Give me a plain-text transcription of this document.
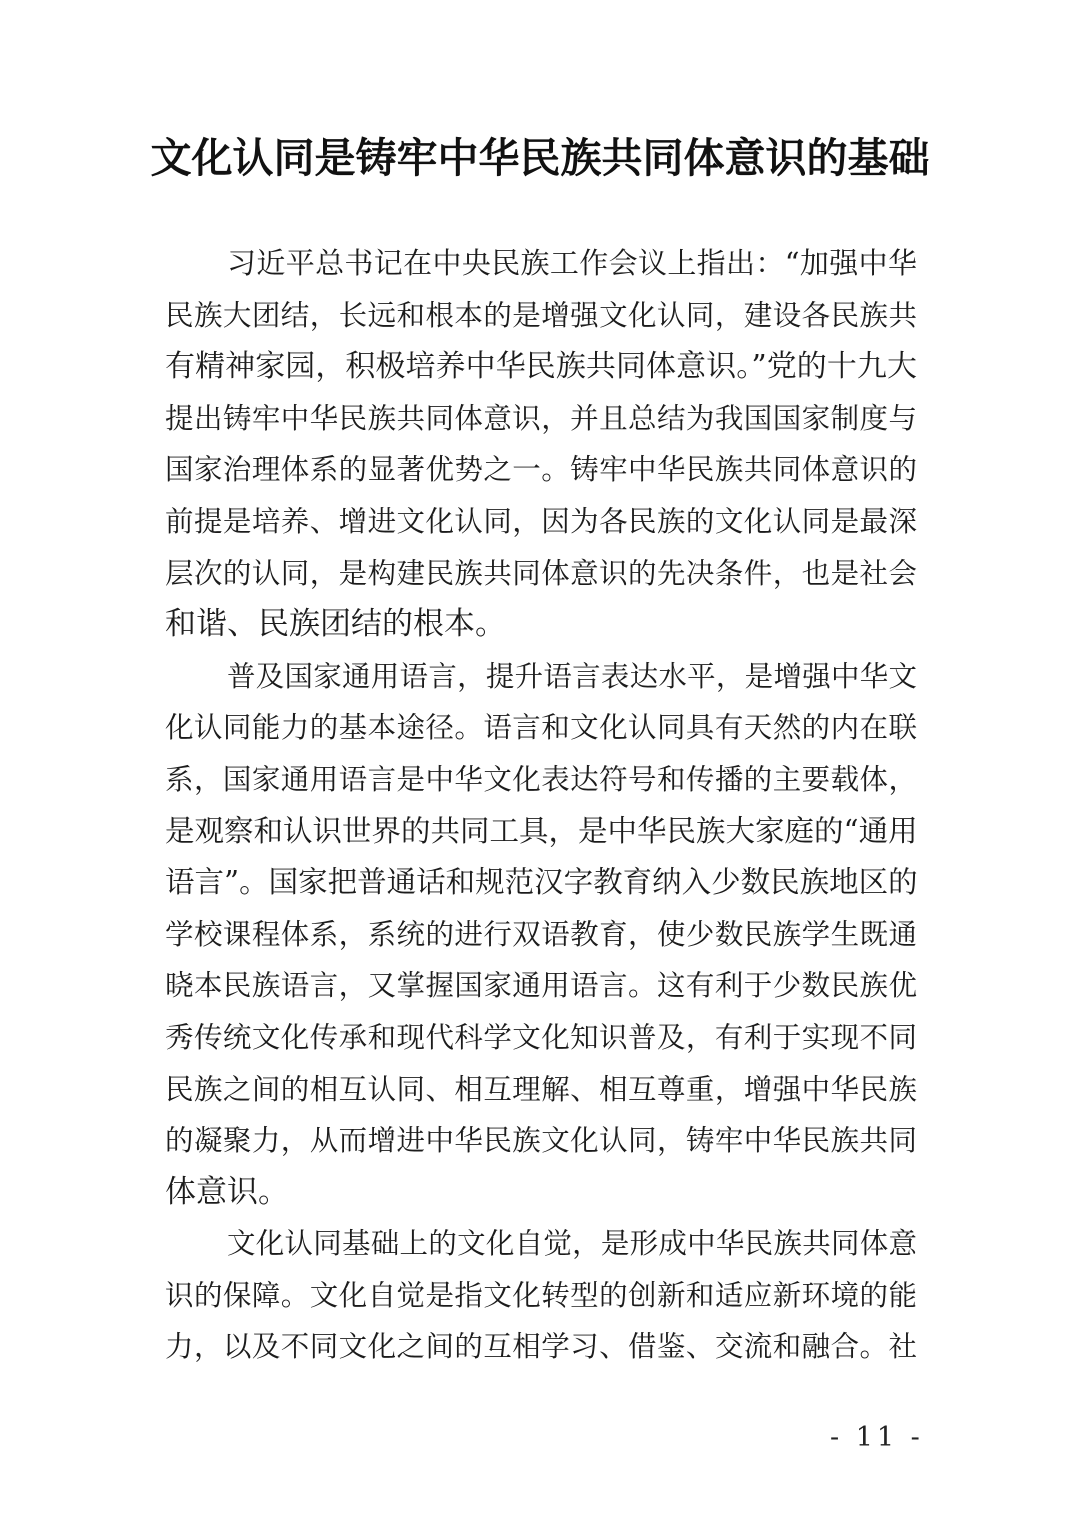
文化认同是铸牢中华民族共同体意识的基础
习近平总书记在中央民族工作会议上指出：“加强中华
民族大团结，长远和根本的是增强文化认同，建设各民族共
有精神家园，积极培养中华民族共同体意识。”党的十九大
提出铸牢中华民族共同体意识，并且总结为我国国家制度与
国家治理体系的显著优势之一。铸牢中华民族共同体意识的
前提是培养、增进文化认同，因为各民族的文化认同是最深
层次的认同，是构建民族共同体意识的先决条件，也是社会
和谐、民族团结的根本。
普及国家通用语言，提升语言表达水平，是增强中华文
化认同能力的基本途径。语言和文化认同具有天然的内在联
系，国家通用语言是中华文化表达符号和传播的主要载体，
是观察和认识世界的共同工具，是中华民族大家庭的“通用
语言”。国家把普通话和规范汉字教育纳入少数民族地区的
学校课程体系，系统的进行双语教育，使少数民族学生既通
晓本民族语言，又掌握国家通用语言。这有利于少数民族优
秀传统文化传承和现代科学文化知识普及，有利于实现不同
民族之间的相互认同、相互理解、相互尊重，增强中华民族
的凝聚力，从而增进中华民族文化认同，铸牢中华民族共同
体意识。
文化认同基础上的文化自觉，是形成中华民族共同体意
识的保障。文化自觉是指文化转型的创新和适应新环境的能
力，以及不同文化之间的互相学习、借鉴、交流和融合。社
- 11 -
